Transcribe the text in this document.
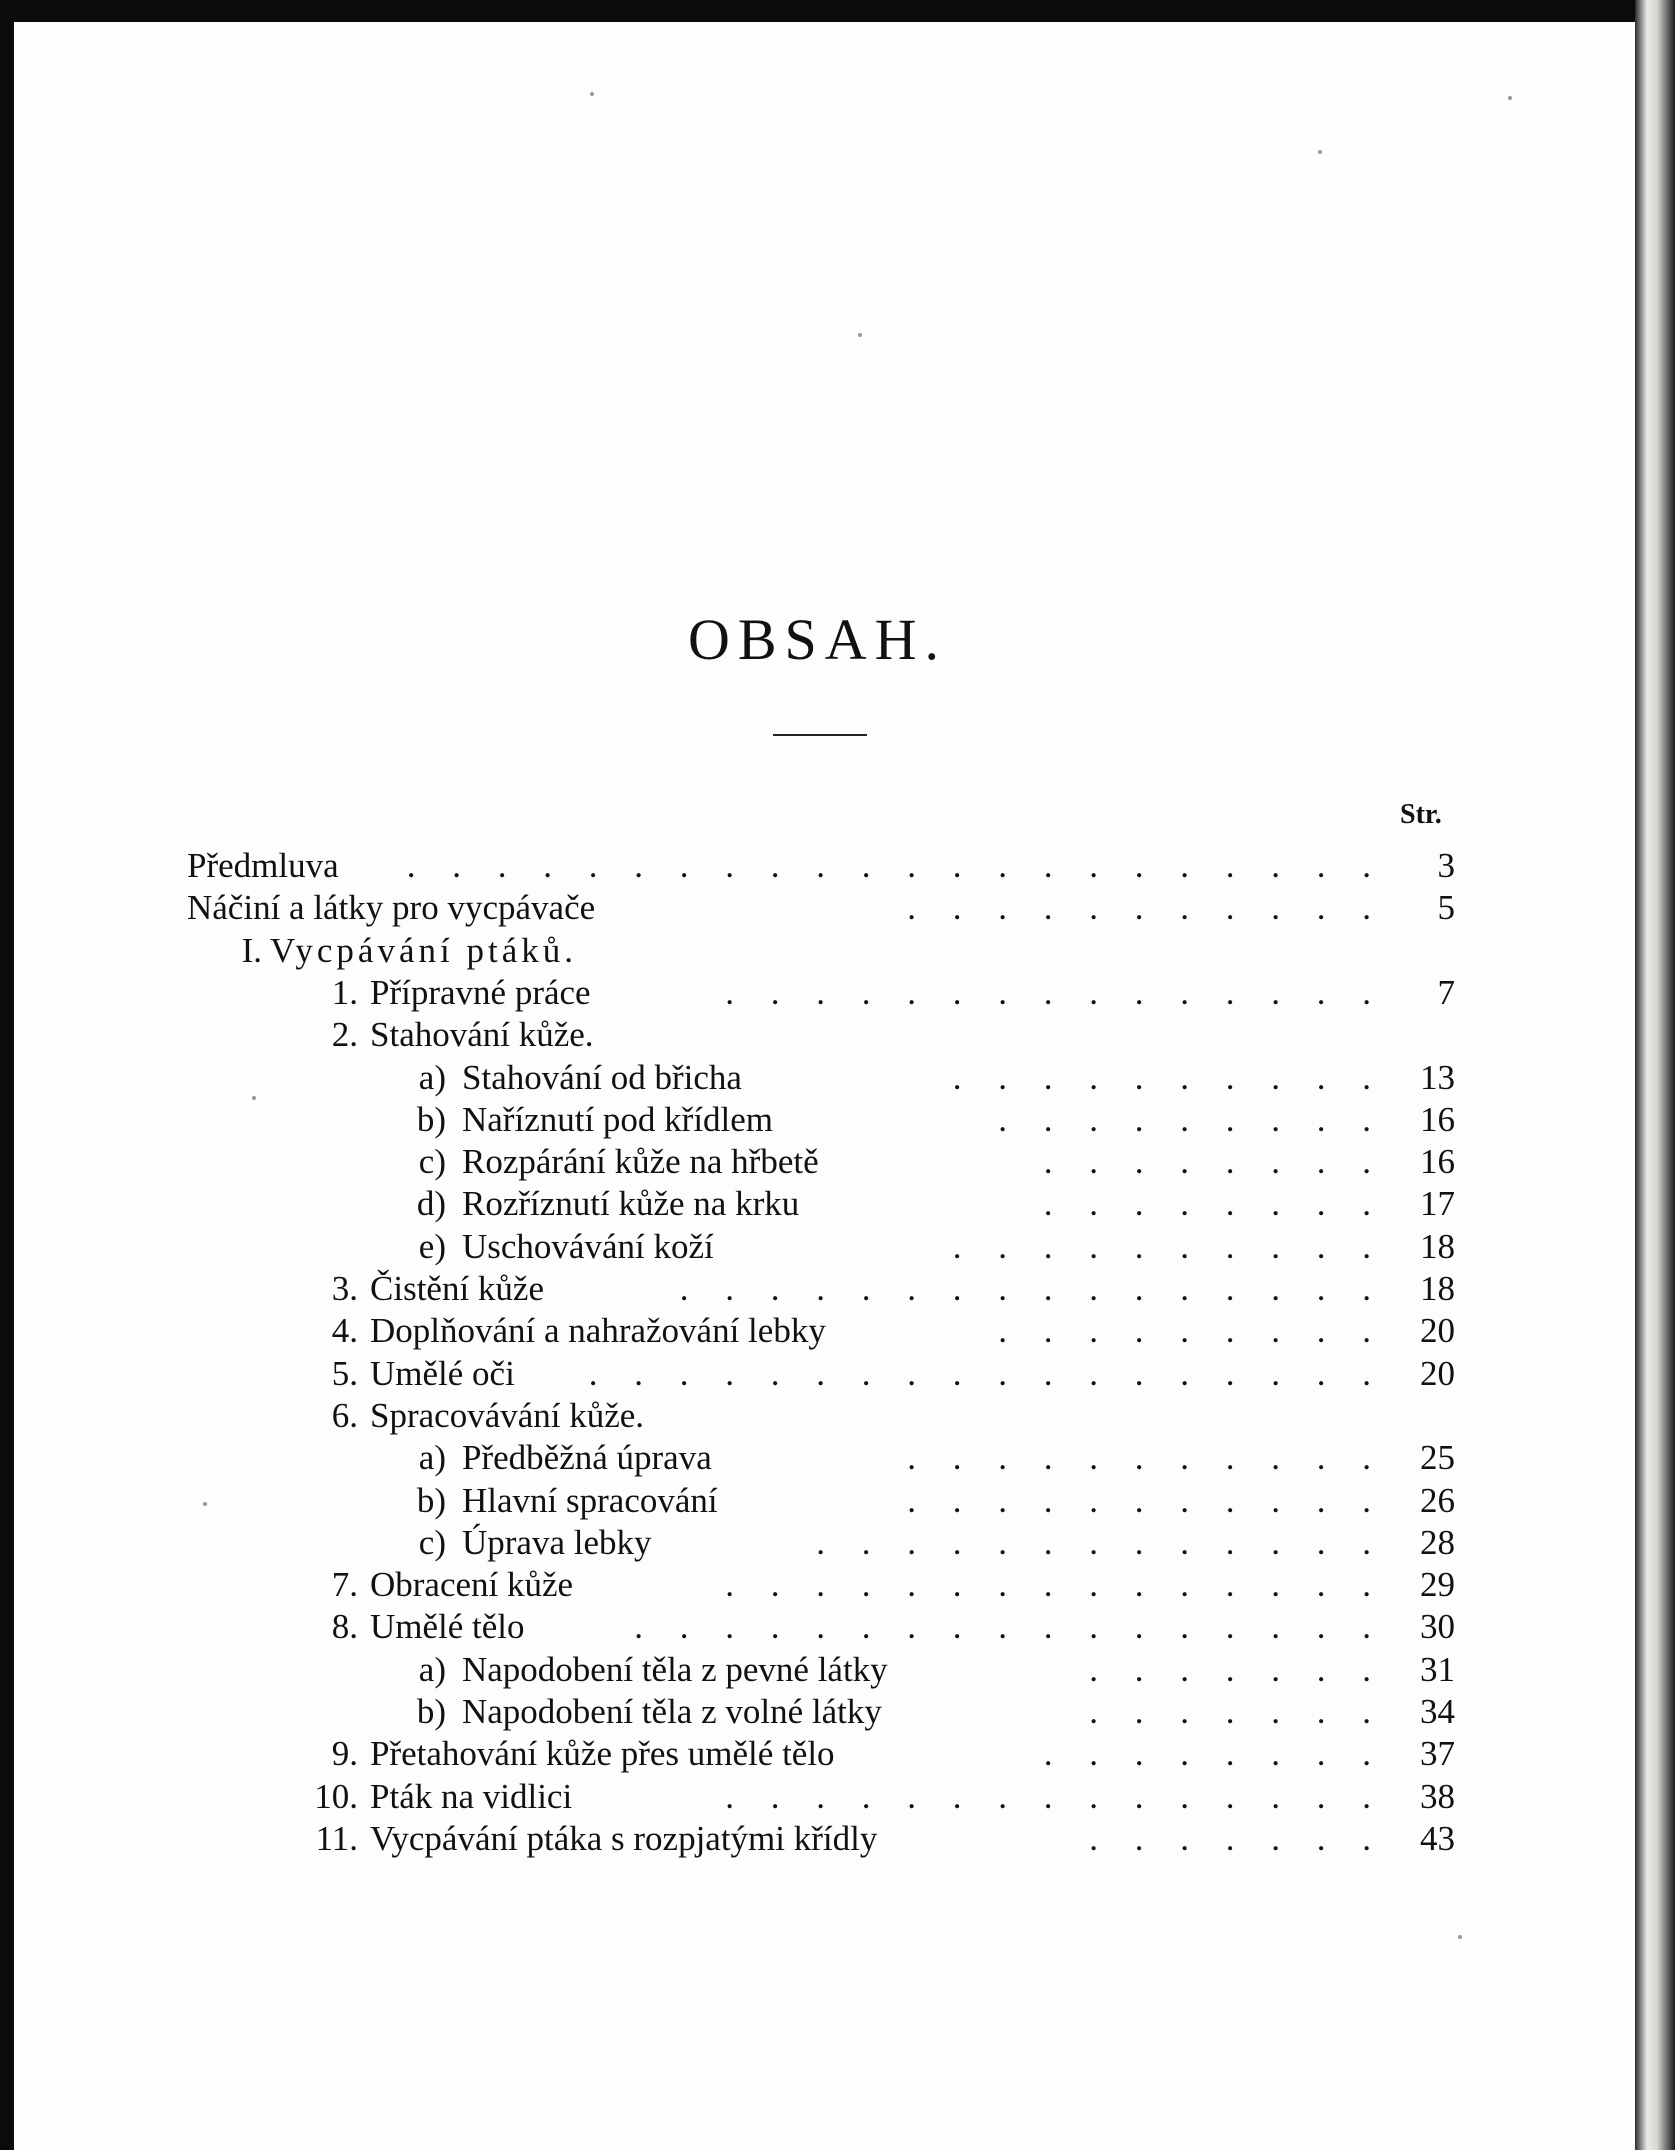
OBSAH.
Str.
Předmluva . . . . . . . . . . . . . . . . . . . . . .	3
Náčiní a látky pro vycpávače	. . . . . . . . . . .	5
I. Vycpávání ptáků.
1. Přípravné práce	. . . . . . . . . . . . . . .	7
2. Stahování kůže.
a) Stahování od břicha	. . . . . . . . . .	13
b) Naříznutí pod křídlem	. . . . . . . . .	16
c) Rozpárání kůže na hřbetě	. . . . . . . .	16
d) Rozříznutí kůže na krku	. . . . . . . .	17
e) Uschovávání koží	. . . . . . . . . .	18
3. Čistění kůže	. . . . . . . . . . . . . . . .	18
4. Doplňování a nahražování lebky	. . . . . . . . .	20
5. Umělé oči . . . . . . . . . . . . . . . . . .	20
6. Spracovávání kůže.
a) Předběžná úprava	. . . . . . . . . . .	25
b) Hlavní spracování	. . . . . . . . . . .	26
c) Úprava lebky	. . . . . . . . . . . . .	28
7. Obracení kůže	. . . . . . . . . . . . . . .	29
8. Umělé tělo	. . . . . . . . . . . . . . . . .	30
a) Napodobení těla z pevné látky	. . . . . . .	31
b) Napodobení těla z volné látky	. . . . . . .	34
9. Přetahování kůže přes umělé tělo	. . . . . . . .	37
10. Pták na vidlici	. . . . . . . . . . . . . . .	38
11. Vycpávání ptáka s rozpjatými křídly	. . . . . . .	43
